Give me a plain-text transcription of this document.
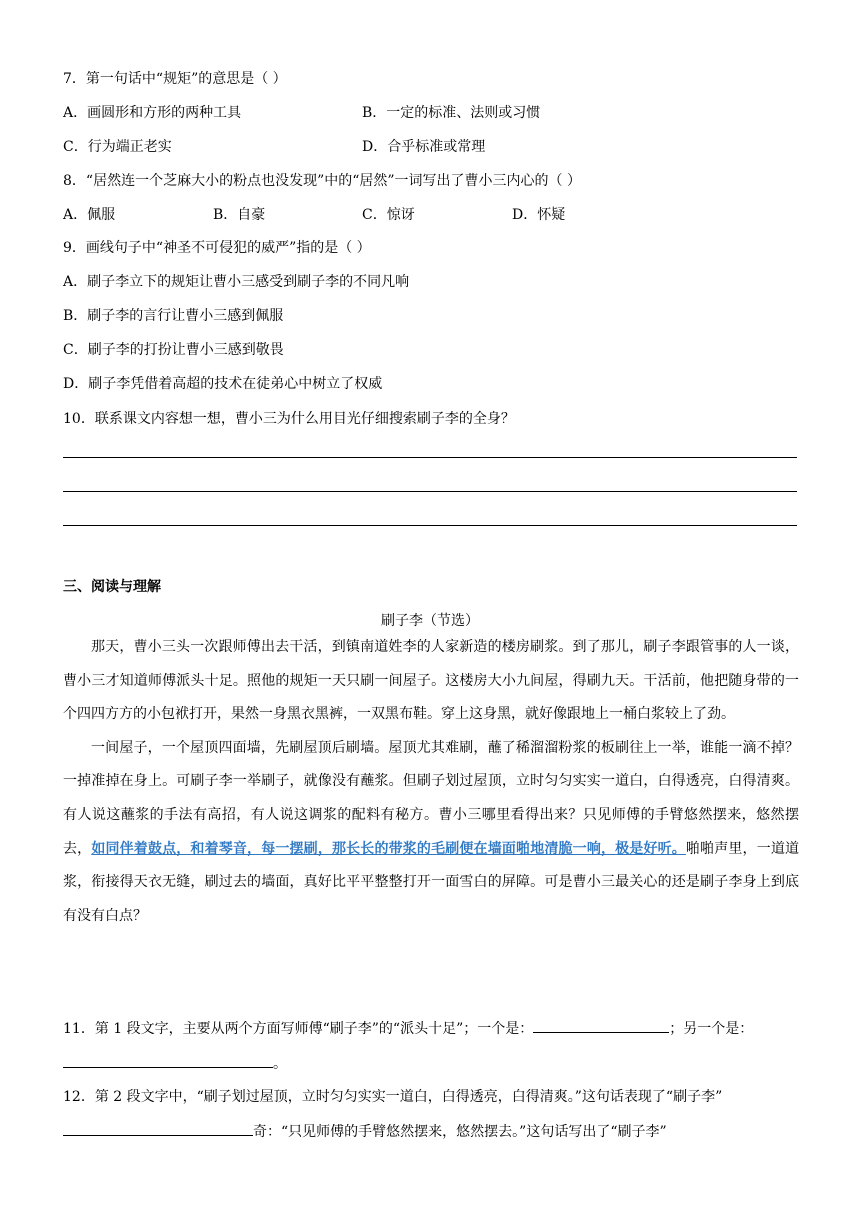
7．第一句话中“规矩”的意思是（ ）
A．画圆形和方形的两种工具	B．一定的标准、法则或习惯
C．行为端正老实	D．合乎标准或常理
8．“居然连一个芝麻大小的粉点也没发现”中的“居然”一词写出了曹小三内心的（ ）
A．佩服	B．自豪	C．惊讶	D．怀疑
9．画线句子中“神圣不可侵犯的威严”指的是（ ）
A．刷子李立下的规矩让曹小三感受到刷子李的不同凡响
B．刷子李的言行让曹小三感到佩服
C．刷子李的打扮让曹小三感到敬畏
D．刷子李凭借着高超的技术在徒弟心中树立了权威
10．联系课文内容想一想，曹小三为什么用目光仔细搜索刷子李的全身？
三、阅读与理解
刷子李（节选）

那天，曹小三头一次跟师傅出去干活，到镇南道姓李的人家新造的楼房刷浆。到了那儿，刷子李跟管事的人一谈，曹小三才知道师傅派头十足。照他的规矩一天只刷一间屋子。这楼房大小九间屋，得刷九天。干活前，他把随身带的一个四四方方的小包袱打开，果然一身黑衣黑裤，一双黑布鞋。穿上这身黑，就好像跟地上一桶白浆较上了劲。

一间屋子，一个屋顶四面墙，先刷屋顶后刷墙。屋顶尤其难刷，蘸了稀溜溜粉浆的板刷往上一举，谁能一滴不掉？一掉准掉在身上。可刷子李一举刷子，就像没有蘸浆。但刷子划过屋顶，立时匀匀实实一道白，白得透亮，白得清爽。有人说这蘸浆的手法有高招，有人说这调浆的配料有秘方。曹小三哪里看得出来？只见师傅的手臂悠然摆来，悠然摆去，如同伴着鼓点，和着琴音，每一摆刷，那长长的带浆的毛刷便在墙面啪地清脆一响，极是好听。啪啪声里，一道道浆，衔接得天衣无缝，刷过去的墙面，真好比平平整整打开一面雪白的屏障。可是曹小三最关心的还是刷子李身上到底有没有白点？

11．第 1 段文字，主要从两个方面写师傅“刷子李”的“派头十足”；一个是：	；另一个是：
。
12．第 2 段文字中，“刷子划过屋顶，立时匀匀实实一道白，白得透亮，白得清爽。”这句话表现了“刷子李”
奇：“只见师傅的手臂悠然摆来，悠然摆去。”这句话写出了“刷子李”
